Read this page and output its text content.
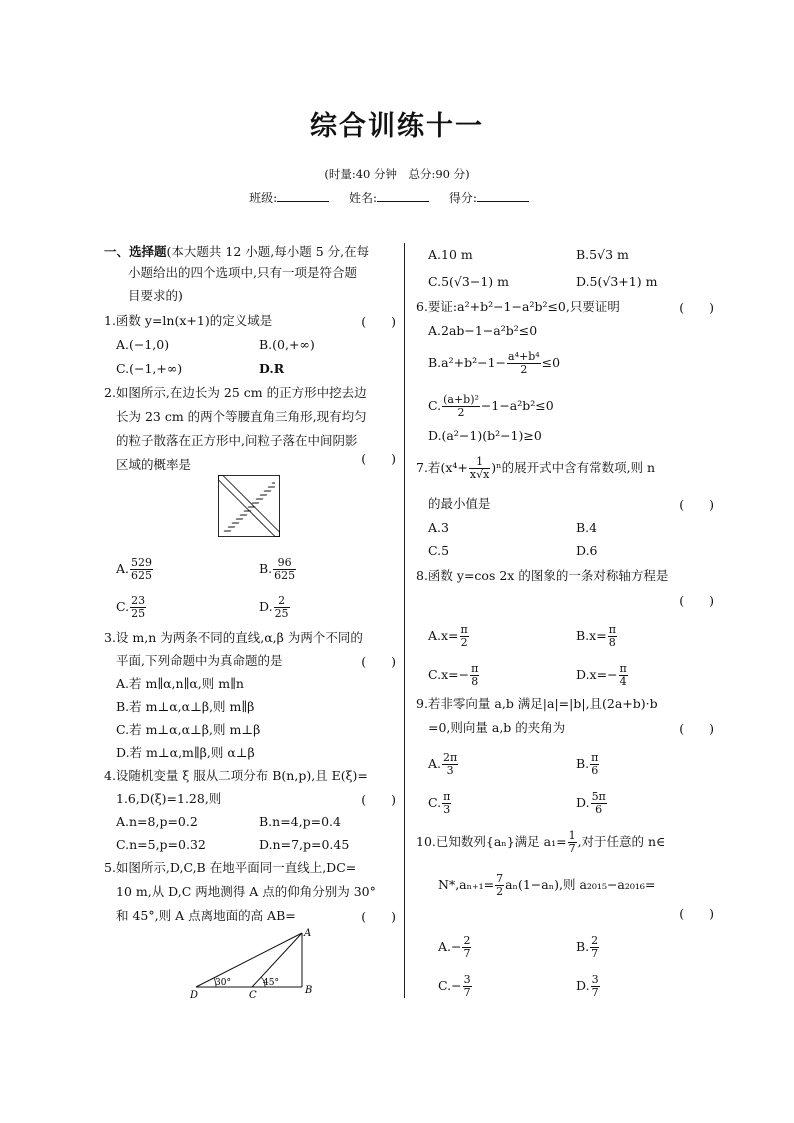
综合训练十一
(时量:40 分钟　总分:90 分)
班级:	姓名:	得分:
一、选择题(本大题共 12 小题,每小题 5 分,在每
小题给出的四个选项中,只有一项是符合题
目要求的)
1.函数 y=ln(x+1)的定义域是	(　　)
A.(−1,0)	B.(0,+∞)
C.(−1,+∞)	D.R
2.如图所示,在边长为 25 cm 的正方形中挖去边
长为 23 cm 的两个等腰直角三角形,现有均匀
的粒子散落在正方形中,问粒子落在中间阴影
区域的概率是	(　　)
A. $\frac{529}{625}$	B. $\frac{96}{625}$
C. $\frac{23}{25}$	D. $\frac{2}{25}$
3.设 m,n 为两条不同的直线,α,β 为两个不同的
平面,下列命题中为真命题的是	(　　)
A.若 m∥α,n∥α,则 m∥n
B.若 m⊥α,α⊥β,则 m∥β
C.若 m⊥α,α⊥β,则 m⊥β
D.若 m⊥α,m∥β,则 α⊥β
4.设随机变量 ξ 服从二项分布 B(n,p),且 E(ξ)=
1.6,D(ξ)=1.28,则	(　　)
A.n=8,p=0.2	B.n=4,p=0.4
C.n=5,p=0.32	D.n=7,p=0.45
5.如图所示,D,C,B 在地平面同一直线上,DC=
10 m,从 D,C 两地测得 A 点的仰角分别为 30°
和 45°,则 A 点离地面的高 AB=	(　　)
A
B
C
D
30°	45°
A.10 m	B.5√3 m
C.5(√3−1) m	D.5(√3+1) m
6.要证:a²+b²−1−a²b²≤0,只要证明	(　　)
A.2ab−1−a²b²≤0
$B.a^2+b^2-1- \frac{\text{a⁴+b⁴}}{2} \le 0$
C. $\frac{\text{(a+b)²}}{2} -1-a^2b^2\le 0$
D.(a²−1)(b²−1)≥0
7.若$(x^4+ \frac{1}{x√x} )^n$的展开式中含有常数项,则 n
的最小值是	(　　)
A.3	B.4
C.5	D.6
8.函数 y=cos 2x 的图象的一条对称轴方程是
(　　)
$A.x= \frac{\pi}{2}$	$B.x= \frac{\pi}{8}$
$C.x=- \frac{\pi}{8}$	$D.x=- \frac{\pi}{4}$
9.若非零向量 a,b 满足|a|=|b|,且(2a+b)·b
=0,则向量 a,b 的夹角为	(　　)
A. $\frac{2\pi}{3}$	B. $\frac{\pi}{6}$
C. $\frac{\pi}{3}$	D. $\frac{5\pi}{6}$
10.已知数列{aₙ}满足 $a_1= \frac{1}{7}$ ,对于任意的 n∈
$N*,a_{n+1}= \frac{7}{2} a_n(1-a_n)$,则 a₂₀₁₅−a₂₀₁₆=
(　　)
$A.- \frac{2}{7}$	B. $\frac{2}{7}$
$C.- \frac{3}{7}$	D. $\frac{3}{7}$
